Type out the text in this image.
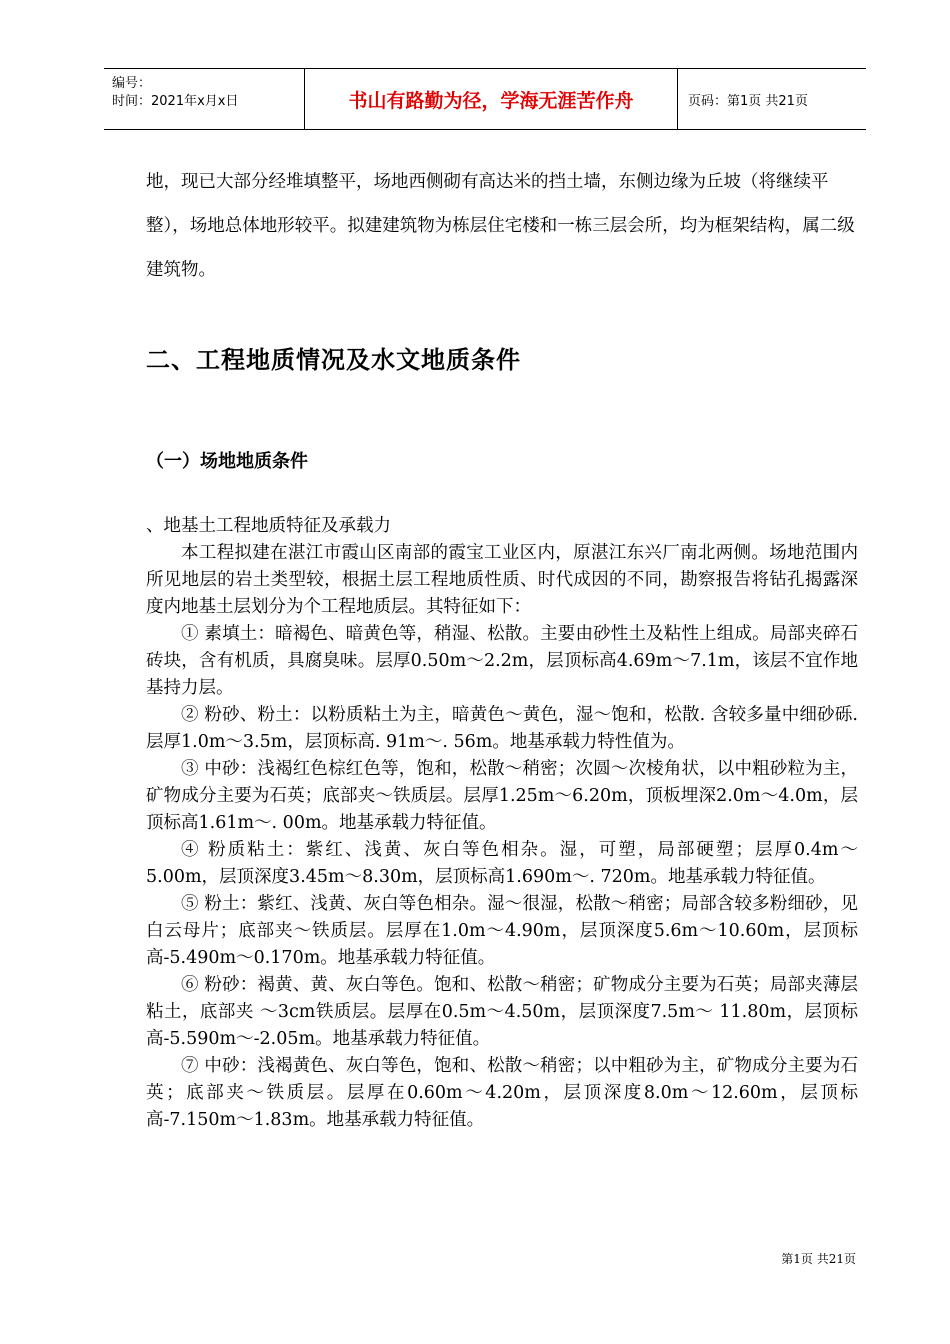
编号：
时间：2021年x月x日	书山有路勤为径，学海无涯苦作舟	页码：第1页 共21页

地，现已大部分经堆填整平，场地西侧砌有高达米的挡土墙，东侧边缘为丘坡（将继续平整），场地总体地形较平。拟建建筑物为栋层住宅楼和一栋三层会所，均为框架结构，属二级建筑物。

二、工程地质情况及水文地质条件
（一）场地地质条件

、地基土工程地质特征及承载力

本工程拟建在湛江市霞山区南部的霞宝工业区内，原湛江东兴厂南北两侧。场地范围内所见地层的岩土类型较，根据土层工程地质性质、时代成因的不同，勘察报告将钻孔揭露深度内地基土层划分为个工程地质层。其特征如下：

① 素填土：暗褐色、暗黄色等，稍湿、松散。主要由砂性土及粘性上组成。局部夹碎石砖块，含有机质，具腐臭味。层厚0.50m～2.2m，层顶标高4.69m～7.1m，该层不宜作地基持力层。

② 粉砂、粉土：以粉质粘土为主，暗黄色～黄色，湿～饱和，松散. 含较多量中细砂砾. 层厚1.0m～3.5m，层顶标高. 91m～. 56m。地基承载力特性值为。

③ 中砂：浅褐红色棕红色等，饱和，松散～稍密；次圆～次棱角状，以中粗砂粒为主，矿物成分主要为石英；底部夹～铁质层。层厚1.25m～6.20m，顶板埋深2.0m～4.0m，层顶标高1.61m～. 00m。地基承载力特征值。

④ 粉质粘土：紫红、浅黄、灰白等色相杂。湿，可塑，局部硬塑；层厚0.4m～5.00m，层顶深度3.45m～8.30m，层顶标高1.690m～. 720m。地基承载力特征值。

⑤ 粉土：紫红、浅黄、灰白等色相杂。湿～很湿，松散～稍密；局部含较多粉细砂，见白云母片；底部夹～铁质层。层厚在1.0m～4.90m，层顶深度5.6m～10.60m，层顶标高-5.490m～0.170m。地基承载力特征值。

⑥ 粉砂：褐黄、黄、灰白等色。饱和、松散～稍密；矿物成分主要为石英；局部夹薄层粘土，底部夹 ～3cm铁质层。层厚在0.5m～4.50m，层顶深度7.5m～ 11.80m，层顶标高-5.590m～-2.05m。地基承载力特征值。

⑦ 中砂：浅褐黄色、灰白等色，饱和、松散～稍密；以中粗砂为主，矿物成分主要为石英；底部夹～铁质层。层厚在0.60m～4.20m，层顶深度8.0m～12.60m，层顶标高-7.150m～1.83m。地基承载力特征值。

第1页 共21页
